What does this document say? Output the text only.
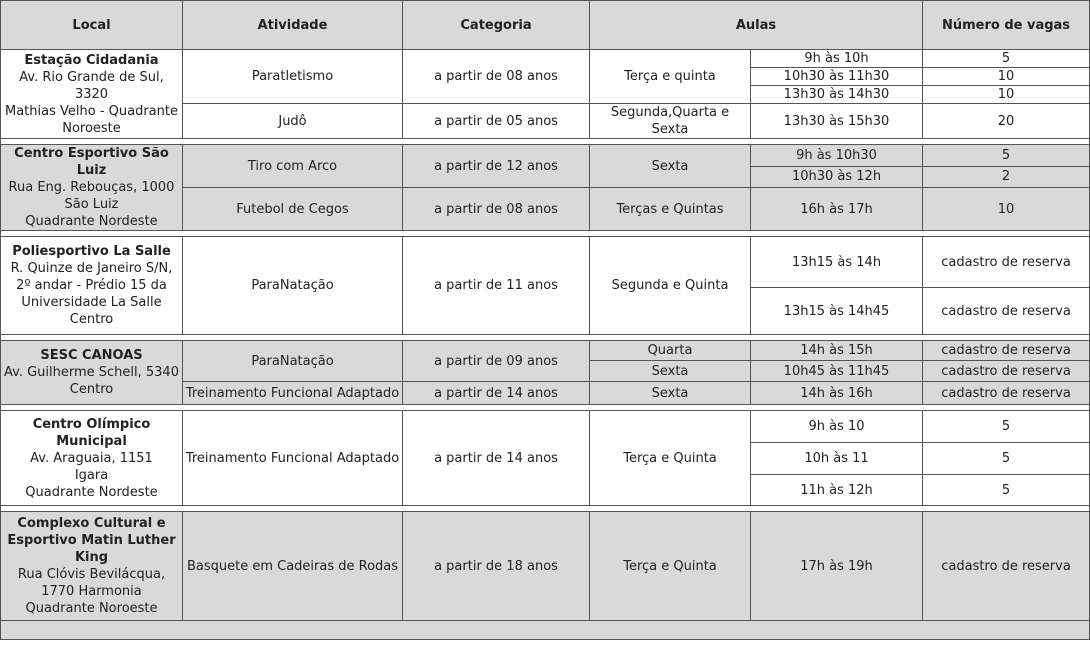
Local	Atividade	Categoria	Aulas		Número de vagas

Estação Cidadania
Av. Rio Grande de Sul, 3320
Mathias Velho - Quadrante
Noroeste	Paratletismo	a partir de 08 anos	Terça e quinta	9h às 10h	5
				10h30 às 11h30	10
				13h30 às 14h30	10
	Judô	a partir de 05 anos	Segunda,Quarta e Sexta	13h30 às 15h30	20

Centro Esportivo São Luiz
Rua Eng. Rebouças, 1000
São Luiz
Quadrante Nordeste	Tiro com Arco	a partir de 12 anos	Sexta	9h às 10h30	5
				10h30 às 12h	2
	Futebol de Cegos	a partir de 08 anos	Terças e Quintas	16h às 17h	10

Poliesportivo La Salle
R. Quinze de Janeiro S/N,
2º andar - Prédio 15 da
Universidade La Salle
Centro	ParaNatação	a partir de 11 anos	Segunda e Quinta	13h15 às 14h	cadastro de reserva
				13h15 às 14h45	cadastro de reserva

SESC CANOAS
Av. Guilherme Schell, 5340
Centro	ParaNatação	a partir de 09 anos	Quarta	14h às 15h	cadastro de reserva
			Sexta	10h45 às 11h45	cadastro de reserva
	Treinamento Funcional Adaptado	a partir de 14 anos	Sexta	14h às 16h	cadastro de reserva

Centro Olímpico Municipal
Av. Araguaia, 1151
Igara
Quadrante Nordeste	Treinamento Funcional Adaptado	a partir de 14 anos	Terça e Quinta	9h às 10	5
				10h às 11	5
				11h às 12h	5

Complexo Cultural e Esportivo Matin Luther King
Rua Clóvis Bevilácqua,
1770 Harmonia
Quadrante Noroeste	Basquete em Cadeiras de Rodas	a partir de 18 anos	Terça e Quinta	17h às 19h	cadastro de reserva
